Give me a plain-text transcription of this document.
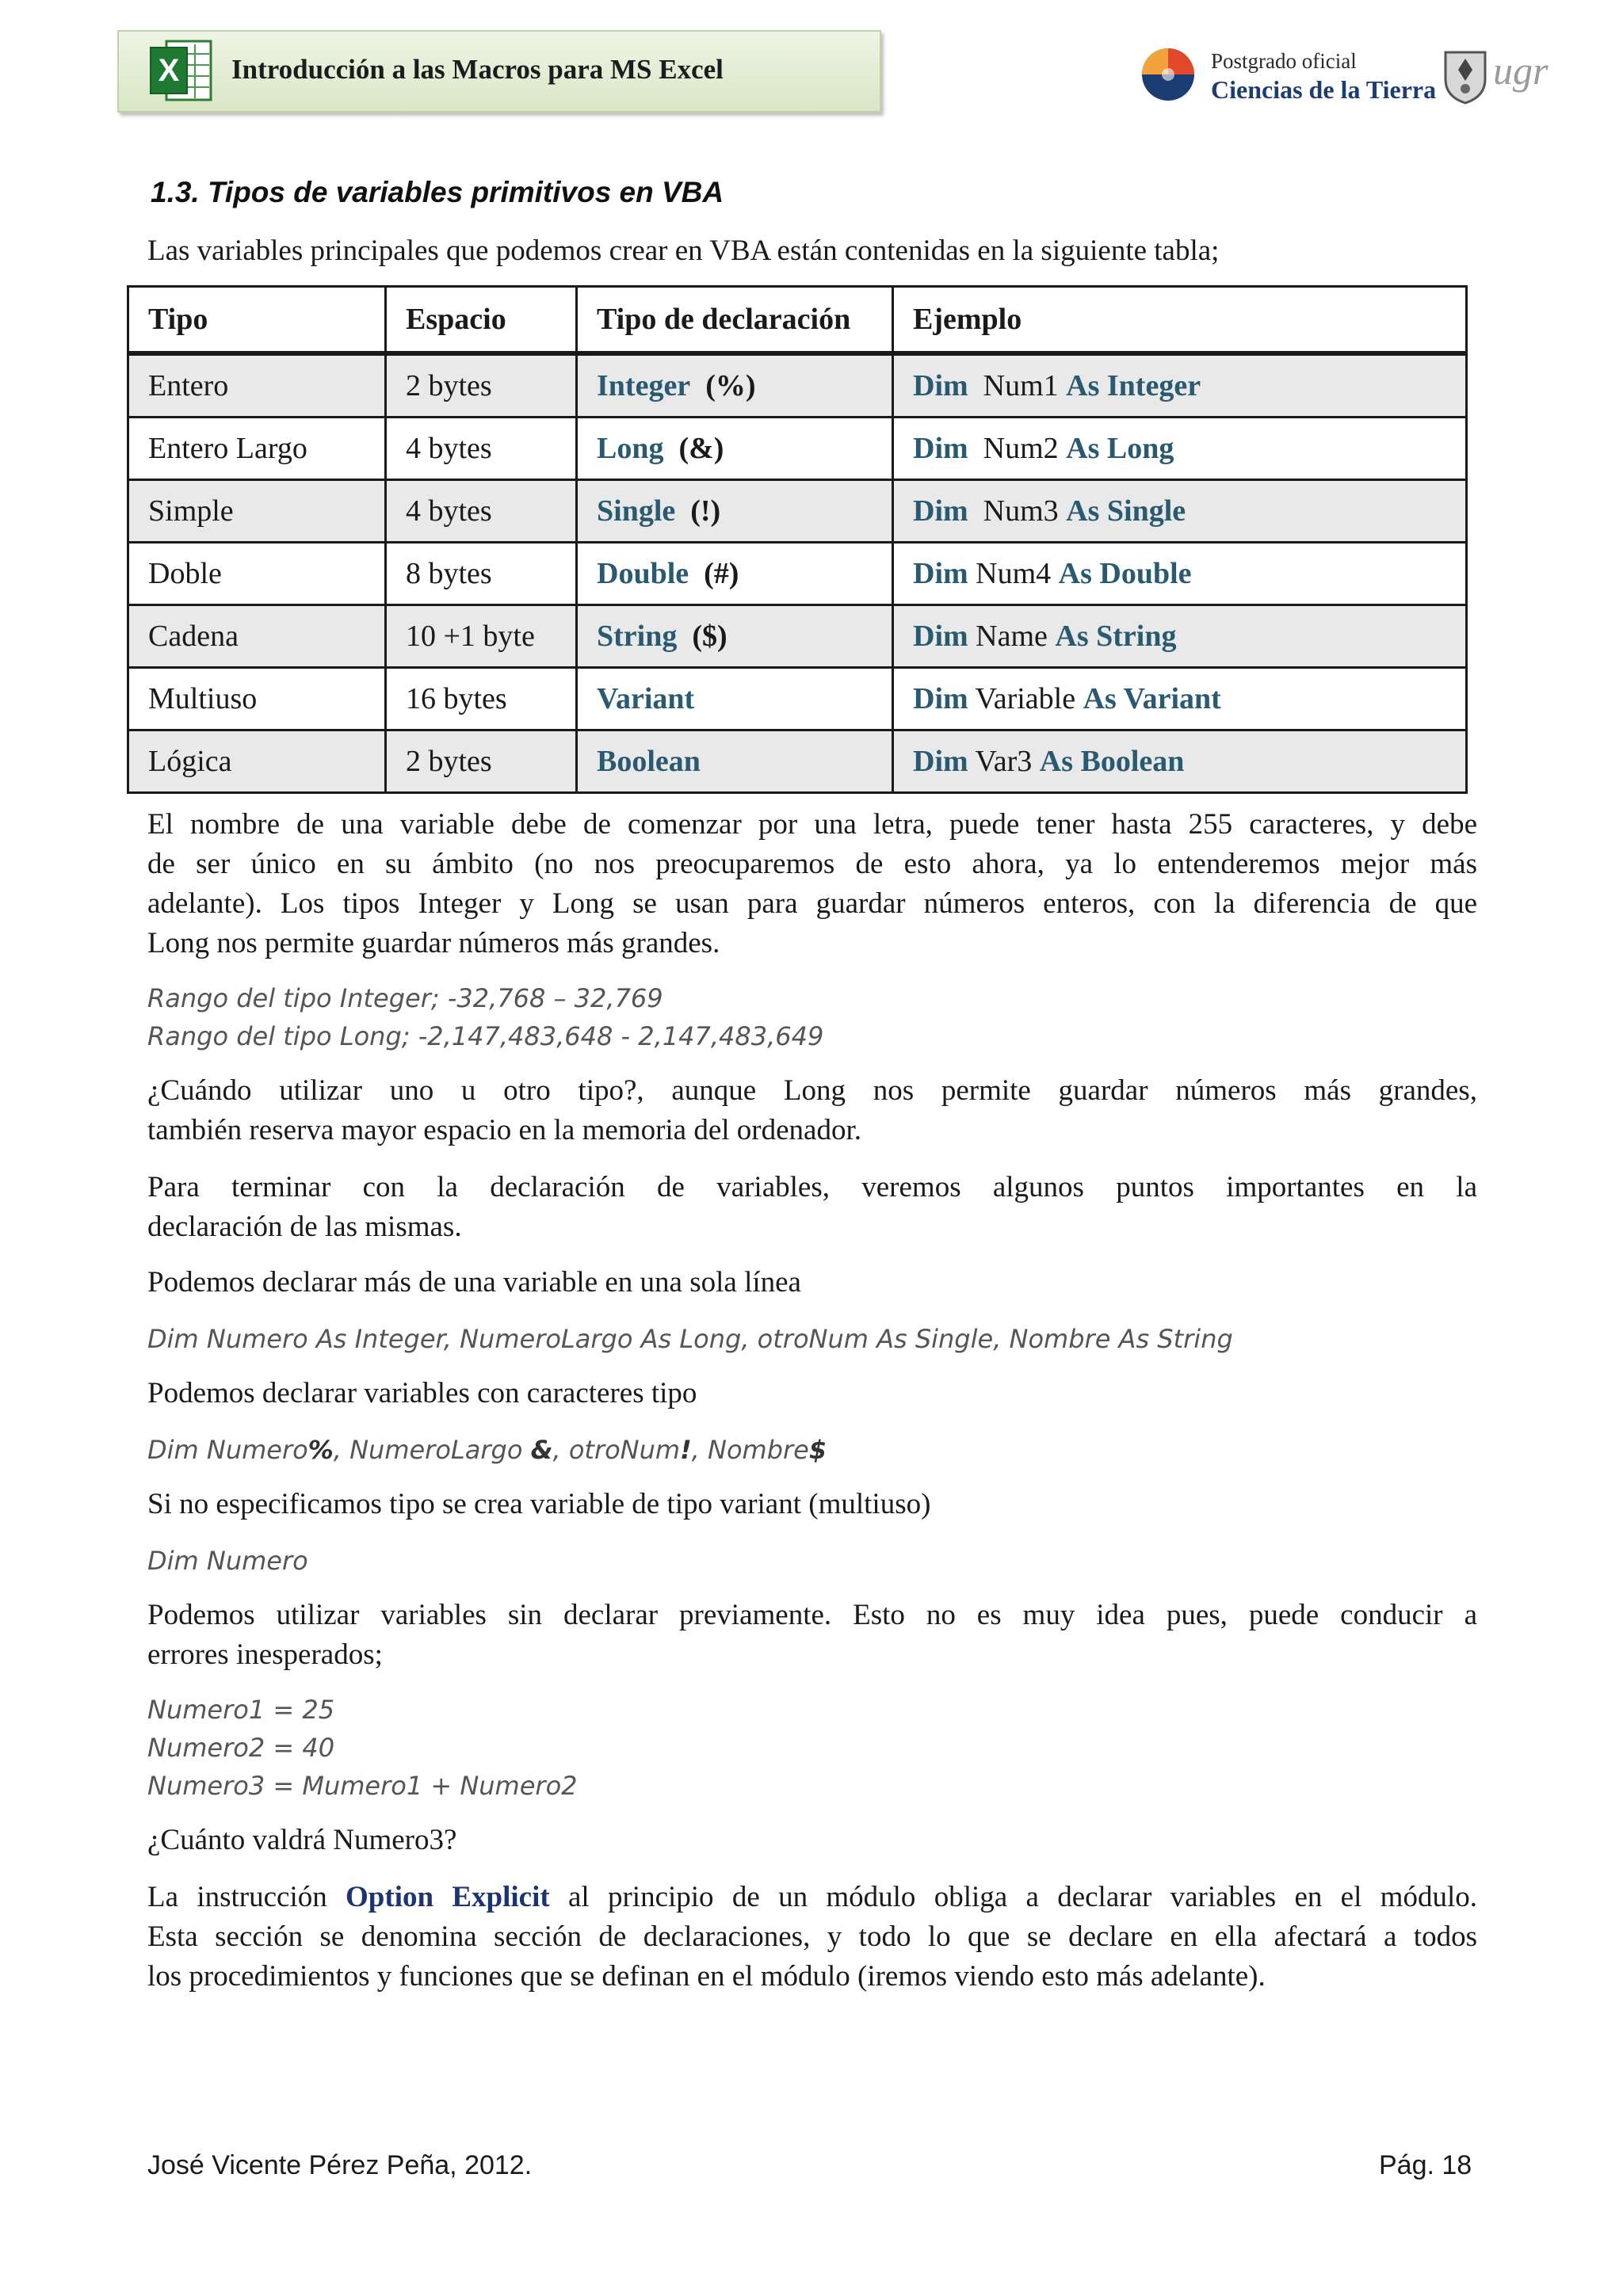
X Introducción a las Macros para MS Excel	Postgrado oficial
Ciencias de la Tierra ugr
1.3. Tipos de variables primitivos en VBA
Las variables principales que podemos crear en VBA están contenidas en la siguiente tabla;
Tipo	Espacio	Tipo de declaración	Ejemplo
Entero	2 bytes	Integer (%)	Dim Num1 As Integer
Entero Largo	4 bytes	Long (&)	Dim Num2 As Long
Simple	4 bytes	Single (!)	Dim Num3 As Single
Doble	8 bytes	Double (#)	Dim Num4 As Double
Cadena	10 +1 byte	String ($)	Dim Name As String
Multiuso	16 bytes	Variant	Dim Variable As Variant
Lógica	2 bytes	Boolean	Dim Var3 As Boolean
El nombre de una variable debe de comenzar por una letra, puede tener hasta 255 caracteres, y debe
de ser único en su ámbito (no nos preocuparemos de esto ahora, ya lo entenderemos mejor más
adelante). Los tipos Integer y Long se usan para guardar números enteros, con la diferencia de que
Long nos permite guardar números más grandes.
Rango del tipo Integer; -32,768 – 32,769
Rango del tipo Long; -2,147,483,648 - 2,147,483,649
¿Cuándo utilizar uno u otro tipo?, aunque Long nos permite guardar números más grandes,
también reserva mayor espacio en la memoria del ordenador.
Para terminar con la declaración de variables, veremos algunos puntos importantes en la
declaración de las mismas.
Podemos declarar más de una variable en una sola línea
Dim Numero As Integer, NumeroLargo As Long, otroNum As Single, Nombre As String
Podemos declarar variables con caracteres tipo
Dim Numero%, NumeroLargo &, otroNum!, Nombre$
Si no especificamos tipo se crea variable de tipo variant (multiuso)
Dim Numero
Podemos utilizar variables sin declarar previamente. Esto no es muy idea pues, puede conducir a
errores inesperados;
Numero1 = 25
Numero2 = 40
Numero3 = Mumero1 + Numero2
¿Cuánto valdrá Numero3?
La instrucción Option Explicit al principio de un módulo obliga a declarar variables en el módulo.
Esta sección se denomina sección de declaraciones, y todo lo que se declare en ella afectará a todos
los procedimientos y funciones que se definan en el módulo (iremos viendo esto más adelante).
José Vicente Pérez Peña, 2012.	Pág. 18
